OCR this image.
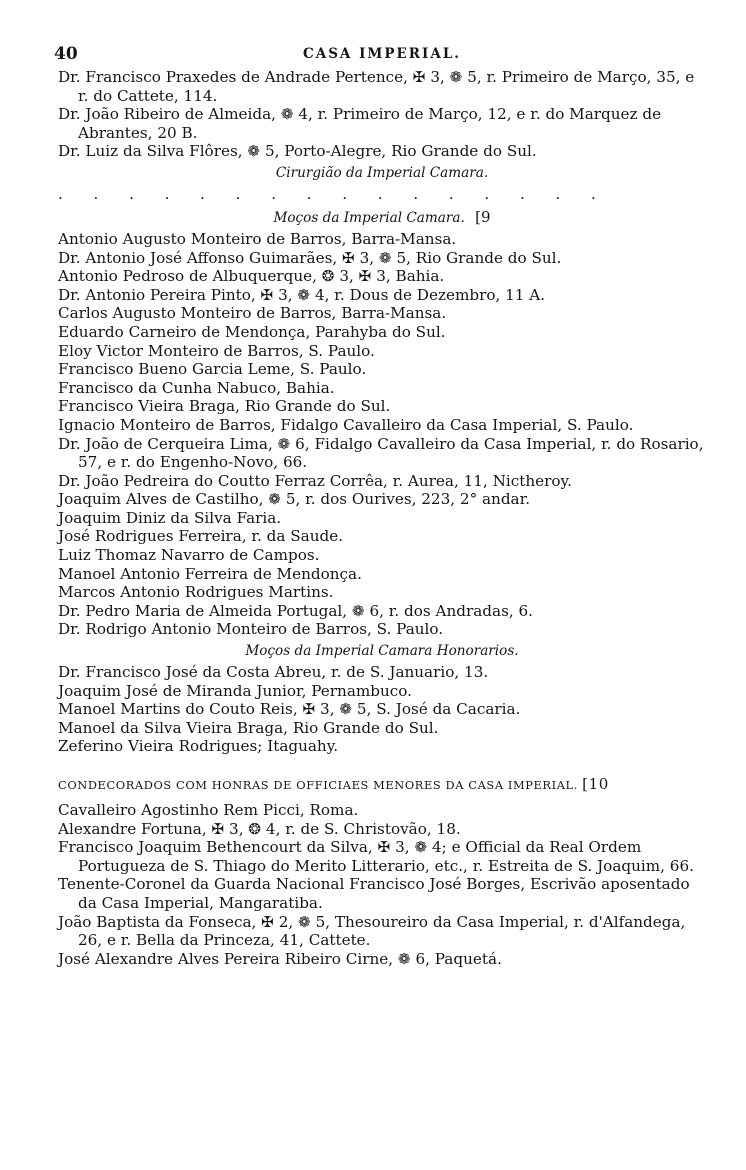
40	CASA IMPERIAL.
Dr. Francisco Praxedes de Andrade Pertence, ✠ 3, ❁ 5, r. Primeiro de Março, 35, e r. do Cattete, 114.
Dr. João Ribeiro de Almeida, ❁ 4, r. Primeiro de Março, 12, e r. do Marquez de Abrantes, 20 B.
Dr. Luiz da Silva Flôres, ❁ 5, Porto-Alegre, Rio Grande do Sul.
Cirurgião da Imperial Camara.
. . . . . . . . . . . . . . . .
Moços da Imperial Camara. [9
Antonio Augusto Monteiro de Barros, Barra-Mansa.
Dr. Antonio José Affonso Guimarães, ✠ 3, ❁ 5, Rio Grande do Sul.
Antonio Pedroso de Albuquerque, ❂ 3, ✠ 3, Bahia.
Dr. Antonio Pereira Pinto, ✠ 3, ❁ 4, r. Dous de Dezembro, 11 A.
Carlos Augusto Monteiro de Barros, Barra-Mansa.
Eduardo Carneiro de Mendonça, Parahyba do Sul.
Eloy Victor Monteiro de Barros, S. Paulo.
Francisco Bueno Garcia Leme, S. Paulo.
Francisco da Cunha Nabuco, Bahia.
Francisco Vieira Braga, Rio Grande do Sul.
Ignacio Monteiro de Barros, Fidalgo Cavalleiro da Casa Imperial, S. Paulo.
Dr. João de Cerqueira Lima, ❁ 6, Fidalgo Cavalleiro da Casa Imperial, r. do Rosario, 57, e r. do Engenho-Novo, 66.
Dr. João Pedreira do Coutto Ferraz Corrêa, r. Aurea, 11, Nictheroy.
Joaquim Alves de Castilho, ❁ 5, r. dos Ourives, 223, 2° andar.
Joaquim Diniz da Silva Faria.
José Rodrigues Ferreira, r. da Saude.
Luiz Thomaz Navarro de Campos.
Manoel Antonio Ferreira de Mendonça.
Marcos Antonio Rodrigues Martins.
Dr. Pedro Maria de Almeida Portugal, ❁ 6, r. dos Andradas, 6.
Dr. Rodrigo Antonio Monteiro de Barros, S. Paulo.
Moços da Imperial Camara Honorarios.
Dr. Francisco José da Costa Abreu, r. de S. Januario, 13.
Joaquim José de Miranda Junior, Pernambuco.
Manoel Martins do Couto Reis, ✠ 3, ❁ 5, S. José da Cacaria.
Manoel da Silva Vieira Braga, Rio Grande do Sul.
Zeferino Vieira Rodrigues; Itaguahy.
CONDECORADOS COM HONRAS DE OFFICIAES MENORES DA CASA IMPERIAL. [10
Cavalleiro Agostinho Rem Picci, Roma.
Alexandre Fortuna, ✠ 3, ❂ 4, r. de S. Christovão, 18.
Francisco Joaquim Bethencourt da Silva, ✠ 3, ❁ 4; e Official da Real Ordem Portugueza de S. Thiago do Merito Litterario, etc., r. Estreita de S. Joaquim, 66.
Tenente-Coronel da Guarda Nacional Francisco José Borges, Escrivão aposentado da Casa Imperial, Mangaratiba.
João Baptista da Fonseca, ✠ 2, ❁ 5, Thesoureiro da Casa Imperial, r. d'Alfandega, 26, e r. Bella da Princeza, 41, Cattete.
José Alexandre Alves Pereira Ribeiro Cirne, ❁ 6, Paquetá.
